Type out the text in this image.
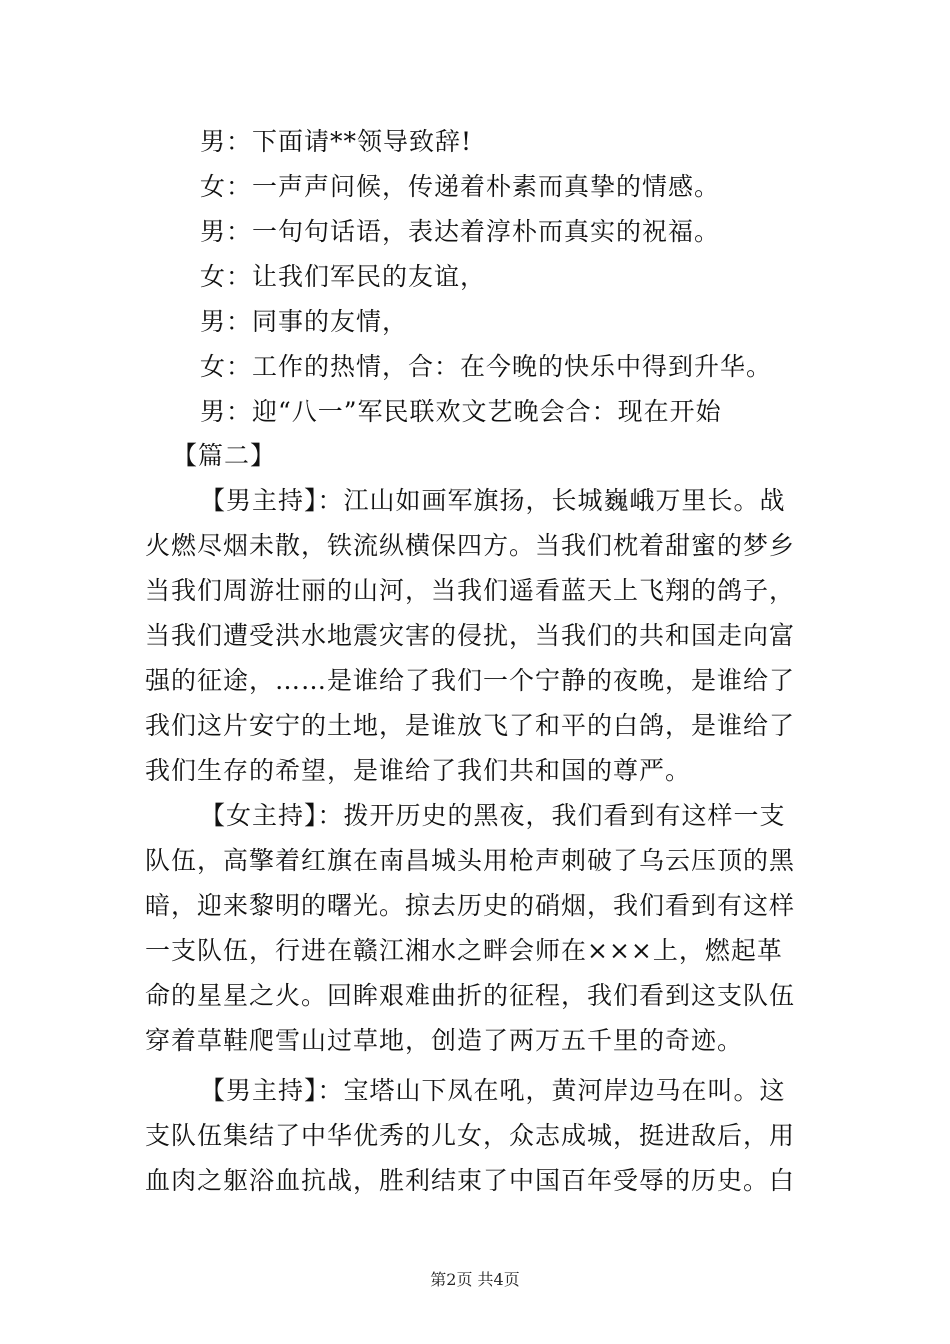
男：下面请**领导致辞!
女：一声声问候，传递着朴素而真挚的情感。
男：一句句话语，表达着淳朴而真实的祝福。
女：让我们军民的友谊，
男：同事的友情，
女：工作的热情，合：在今晚的快乐中得到升华。
男：迎“八一”军民联欢文艺晚会合：现在开始
【篇二】
【男主持】：江山如画军旗扬，长城巍峨万里长。战
火燃尽烟未散，铁流纵横保四方。当我们枕着甜蜜的梦乡
当我们周游壮丽的山河，当我们遥看蓝天上飞翔的鸽子，
当我们遭受洪水地震灾害的侵扰，当我们的共和国走向富
强的征途，……是谁给了我们一个宁静的夜晚，是谁给了
我们这片安宁的土地，是谁放飞了和平的白鸽，是谁给了
我们生存的希望，是谁给了我们共和国的尊严。
【女主持】：拨开历史的黑夜，我们看到有这样一支
队伍，高擎着红旗在南昌城头用枪声刺破了乌云压顶的黑
暗，迎来黎明的曙光。掠去历史的硝烟，我们看到有这样
一支队伍，行进在赣江湘水之畔会师在×××上，燃起革
命的星星之火。回眸艰难曲折的征程，我们看到这支队伍
穿着草鞋爬雪山过草地，创造了两万五千里的奇迹。
【男主持】：宝塔山下凤在吼，黄河岸边马在叫。这
支队伍集结了中华优秀的儿女，众志成城，挺进敌后，用
血肉之躯浴血抗战，胜利结束了中国百年受辱的历史。白
第2页 共4页
